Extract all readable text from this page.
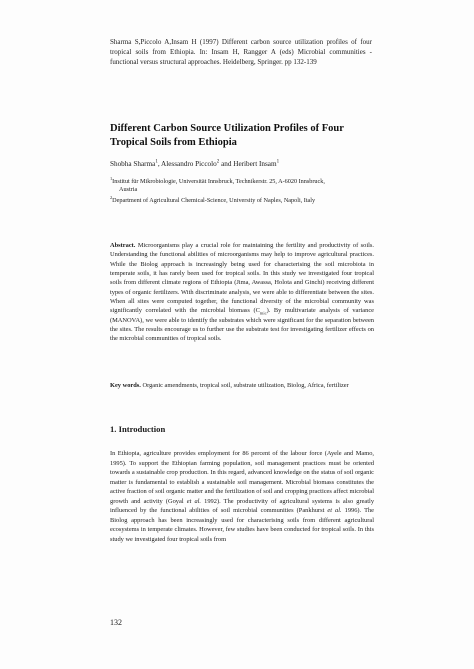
Sharma S,Piccolo A,Insam H (1997) Different carbon source utilization profiles of four tropical soils from Ethiopia. In: Insam H, Rangger A (eds) Microbial communities - functional versus structural approaches. Heidelberg, Springer. pp 132-139
Different Carbon Source Utilization Profiles of Four Tropical Soils from Ethiopia
Shobha Sharma$^1$, Alessandro Piccolo$^2$ and Heribert Insam$^1$
$^1$Institut für Mikrobiologie, Universität Innsbruck, Technikerstr. 25, A-6020 Innsbruck,
Austria
$^2$Department of Agricultural Chemical-Science, University of Naples, Napoli, Italy
Abstract. Microorganisms play a crucial role for maintaining the fertility and productivity of soils. Understanding the functional abilities of microorganisms may help to improve agricultural practices. While the Biolog approach is increasingly being used for characterising the soil microbiota in temperate soils, it has rarely been used for tropical soils. In this study we investigated four tropical soils from different climate regions of Ethiopia (Jima, Awassa, Holota and Ginchi) receiving different types of organic fertilizers. With discriminate analysis, we were able to differentiate between the sites. When all sites were computed together, the functional diversity of the microbial community was significantly correlated with the microbial biomass $(C_{mic})$. By multivariate analysis of variance (MANOVA), we were able to identify the substrates which were significant for the separation between the sites. The results encourage us to further use the substrate test for investigating fertilizer effects on the microbial communities of tropical soils.
Key words. Organic amendments, tropical soil, substrate utilization, Biolog, Africa, fertilizer
1. Introduction
In Ethiopia, agriculture provides employment for 86 percent of the labour force (Ayele and Mamo, 1995). To support the Ethiopian farming population, soil management practices must be oriented towards a sustainable crop production. In this regard, advanced knowledge on the status of soil organic matter is fundamental to establish a sustainable soil management. Microbial biomass constitutes the active fraction of soil organic matter and the fertilization of soil and cropping practices affect microbial growth and activity (Goyal et al. 1992). The productivity of agricultural systems is also greatly influenced by the functional abilities of soil microbial communities (Pankhurst et al. 1996). The Biolog approach has been increasingly used for characterising soils from different agricultural ecosystems in temperate climates. However, few studies have been conducted for tropical soils. In this study we investigated four tropical soils from
132
